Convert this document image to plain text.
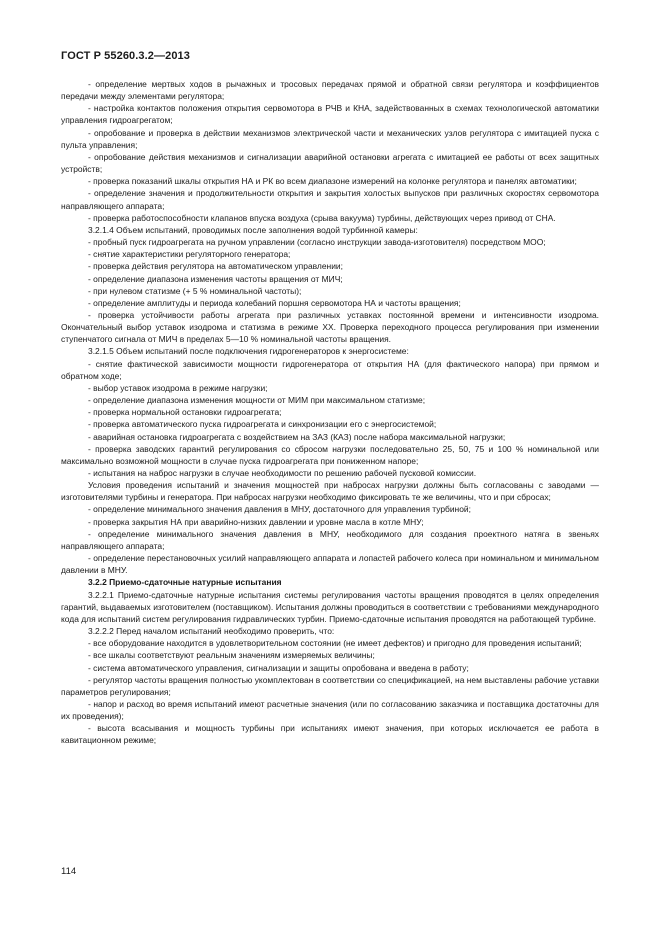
ГОСТ Р 55260.3.2—2013

- определение мертвых ходов в рычажных и тросовых передачах прямой и обратной связи регулятора и коэффициентов передачи между элементами регулятора;

- настройка контактов положения открытия сервомотора в РЧВ и КНА, задействованных в схемах технологической автоматики управления гидроагрегатом;

- опробование и проверка в действии механизмов электрической части и механических узлов регулятора с имитацией пуска с пульта управления;

- опробование действия механизмов и сигнализации аварийной остановки агрегата с имитацией ее работы от всех защитных устройств;

- проверка показаний шкалы открытия НА и РК во всем диапазоне измерений на колонке регулятора и панелях автоматики;

- определение значения и продолжительности открытия и закрытия холостых выпусков при различных скоростях сервомотора направляющего аппарата;

- проверка работоспособности клапанов впуска воздуха (срыва вакуума) турбины, действующих через привод от СНА.

3.2.1.4 Объем испытаний, проводимых после заполнения водой турбинной камеры:

- пробный пуск гидроагрегата на ручном управлении (согласно инструкции завода-изготовителя) посредством МОО;

- снятие характеристики регуляторного генератора;

- проверка действия регулятора на автоматическом управлении;

- определение диапазона изменения частоты вращения от МИЧ;

- при нулевом статизме (+ 5 % номинальной частоты);

- определение амплитуды и периода колебаний поршня сервомотора НА и частоты вращения;

- проверка устойчивости работы агрегата при различных уставках постоянной времени и интенсивности изодрома. Окончательный выбор уставок изодрома и статизма в режиме ХХ. Проверка переходного процесса регулирования при изменении ступенчатого сигнала от МИЧ в пределах 5—10 % номинальной частоты вращения.

3.2.1.5 Объем испытаний после подключения гидрогенераторов к энергосистеме:

- снятие фактической зависимости мощности гидрогенератора от открытия НА (для фактического напора) при прямом и обратном ходе;

- выбор уставок изодрома в режиме нагрузки;

- определение диапазона изменения мощности от МИМ при максимальном статизме;

- проверка нормальной остановки гидроагрегата;

- проверка автоматического пуска гидроагрегата и синхронизации его с энергосистемой;

- аварийная остановка гидроагрегата с воздействием на ЗАЗ (КАЗ) после набора максимальной нагрузки;

- проверка заводских гарантий регулирования со сбросом нагрузки последовательно 25, 50, 75 и 100 % номинальной или максимально возможной мощности в случае пуска гидроагрегата при пониженном напоре;

- испытания на наброс нагрузки в случае необходимости по решению рабочей пусковой комиссии.

Условия проведения испытаний и значения мощностей при набросах нагрузки должны быть согласованы с заводами — изготовителями турбины и генератора. При набросах нагрузки необходимо фиксировать те же величины, что и при сбросах;

- определение минимального значения давления в МНУ, достаточного для управления турбиной;

- проверка закрытия НА при аварийно-низких давлении и уровне масла в котле МНУ;

- определение минимального значения давления в МНУ, необходимого для создания проектного натяга в звеньях направляющего аппарата;

- определение перестановочных усилий направляющего аппарата и лопастей рабочего колеса при номинальном и минимальном давлении в МНУ.

3.2.2 Приемо-сдаточные натурные испытания

3.2.2.1 Приемо-сдаточные натурные испытания системы регулирования частоты вращения проводятся в целях определения гарантий, выдаваемых изготовителем (поставщиком). Испытания должны проводиться в соответствии с требованиями международного кода для испытаний систем регулирования гидравлических турбин. Приемо-сдаточные испытания проводятся на работающей турбине.

3.2.2.2 Перед началом испытаний необходимо проверить, что:

- все оборудование находится в удовлетворительном состоянии (не имеет дефектов) и пригодно для проведения испытаний;

- все шкалы соответствуют реальным значениям измеряемых величины;

- система автоматического управления, сигнализации и защиты опробована и введена в работу;

- регулятор частоты вращения полностью укомплектован в соответствии со спецификацией, на нем выставлены рабочие уставки параметров регулирования;

- напор и расход во время испытаний имеют расчетные значения (или по согласованию заказчика и поставщика достаточны для их проведения);

- высота всасывания и мощность турбины при испытаниях имеют значения, при которых исключается ее работа в кавитационном режиме;

114
